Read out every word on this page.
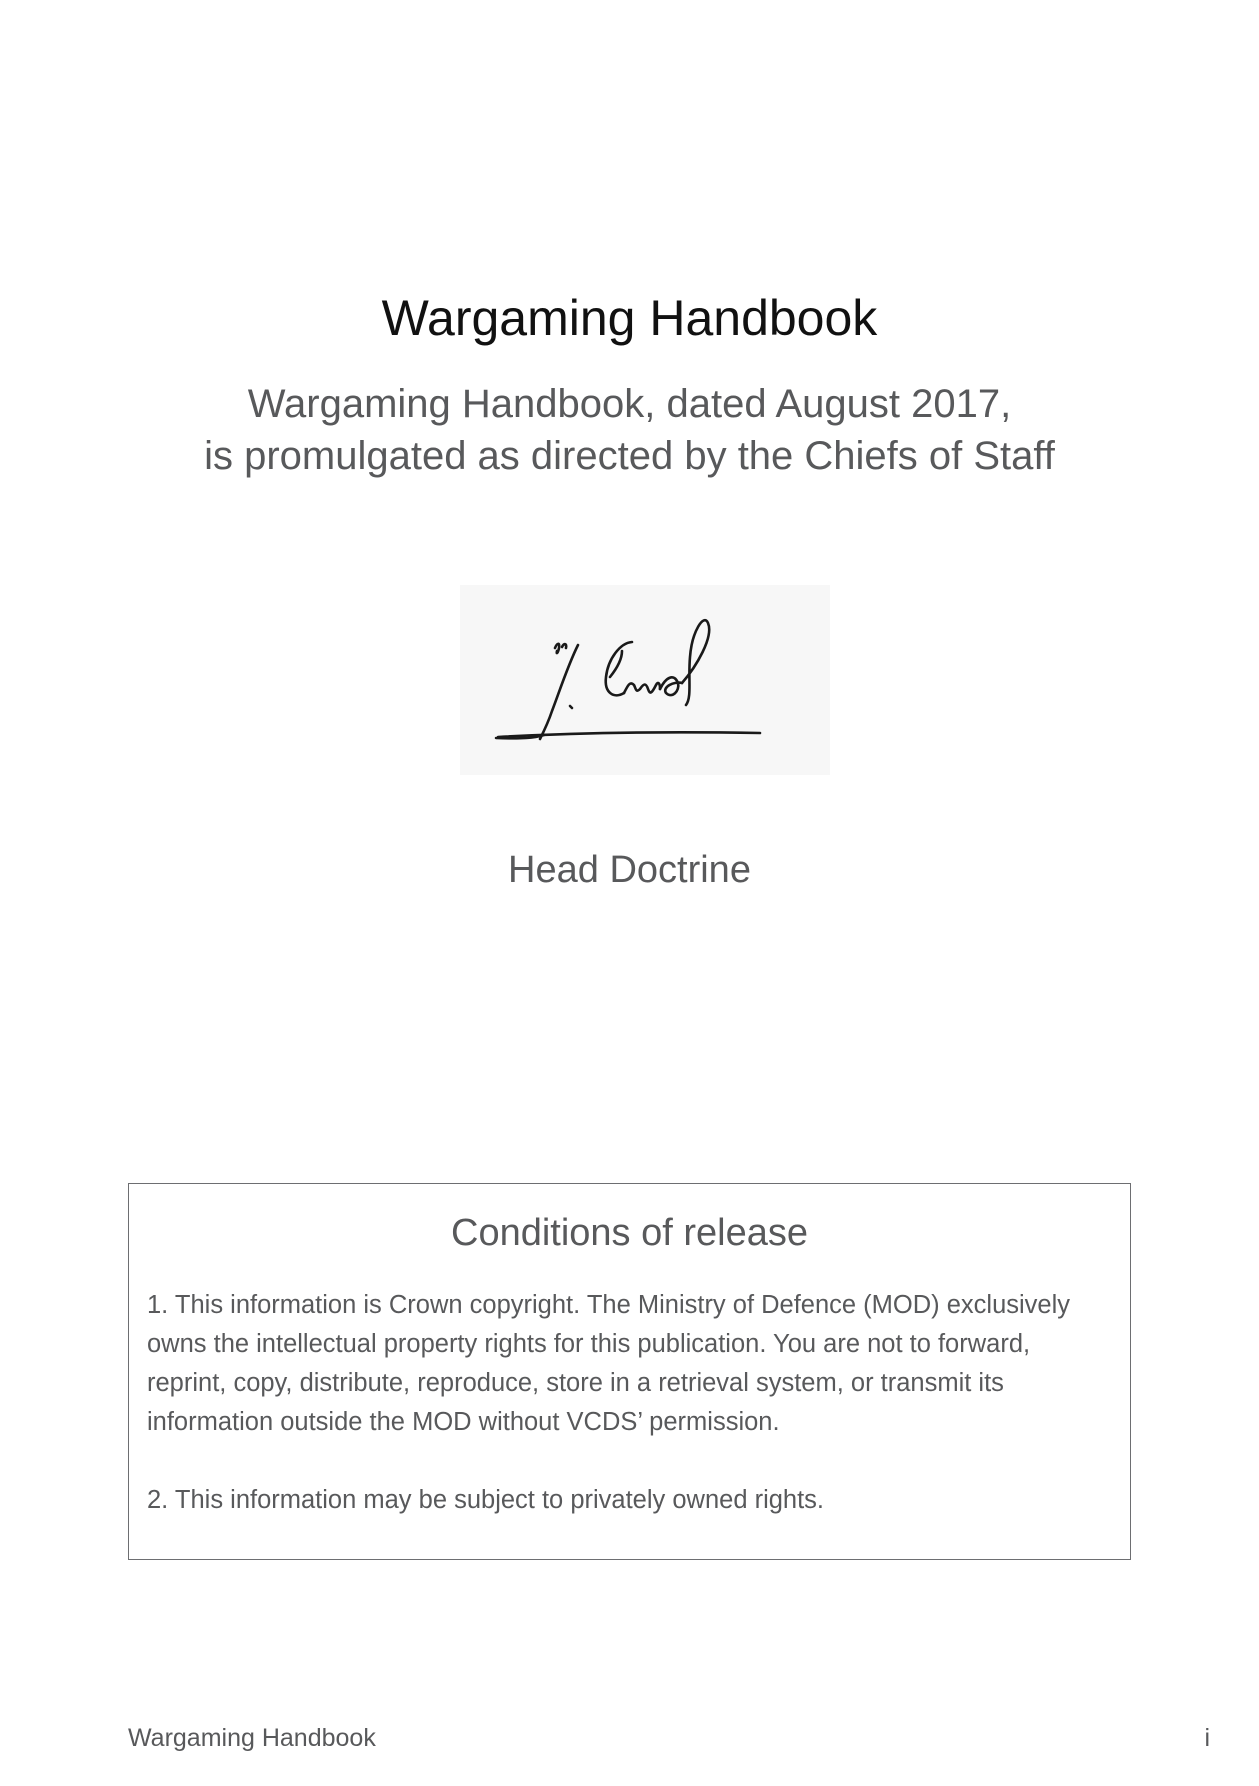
Wargaming Handbook
Wargaming Handbook, dated August 2017,
is promulgated as directed by the Chiefs of Staff
Head Doctrine
Conditions of release
1. This information is Crown copyright. The Ministry of Defence (MOD) exclusively owns the intellectual property rights for this publication. You are not to forward, reprint, copy, distribute, reproduce, store in a retrieval system, or transmit its information outside the MOD without VCDS’ permission.
2. This information may be subject to privately owned rights.
Wargaming Handbook	i
